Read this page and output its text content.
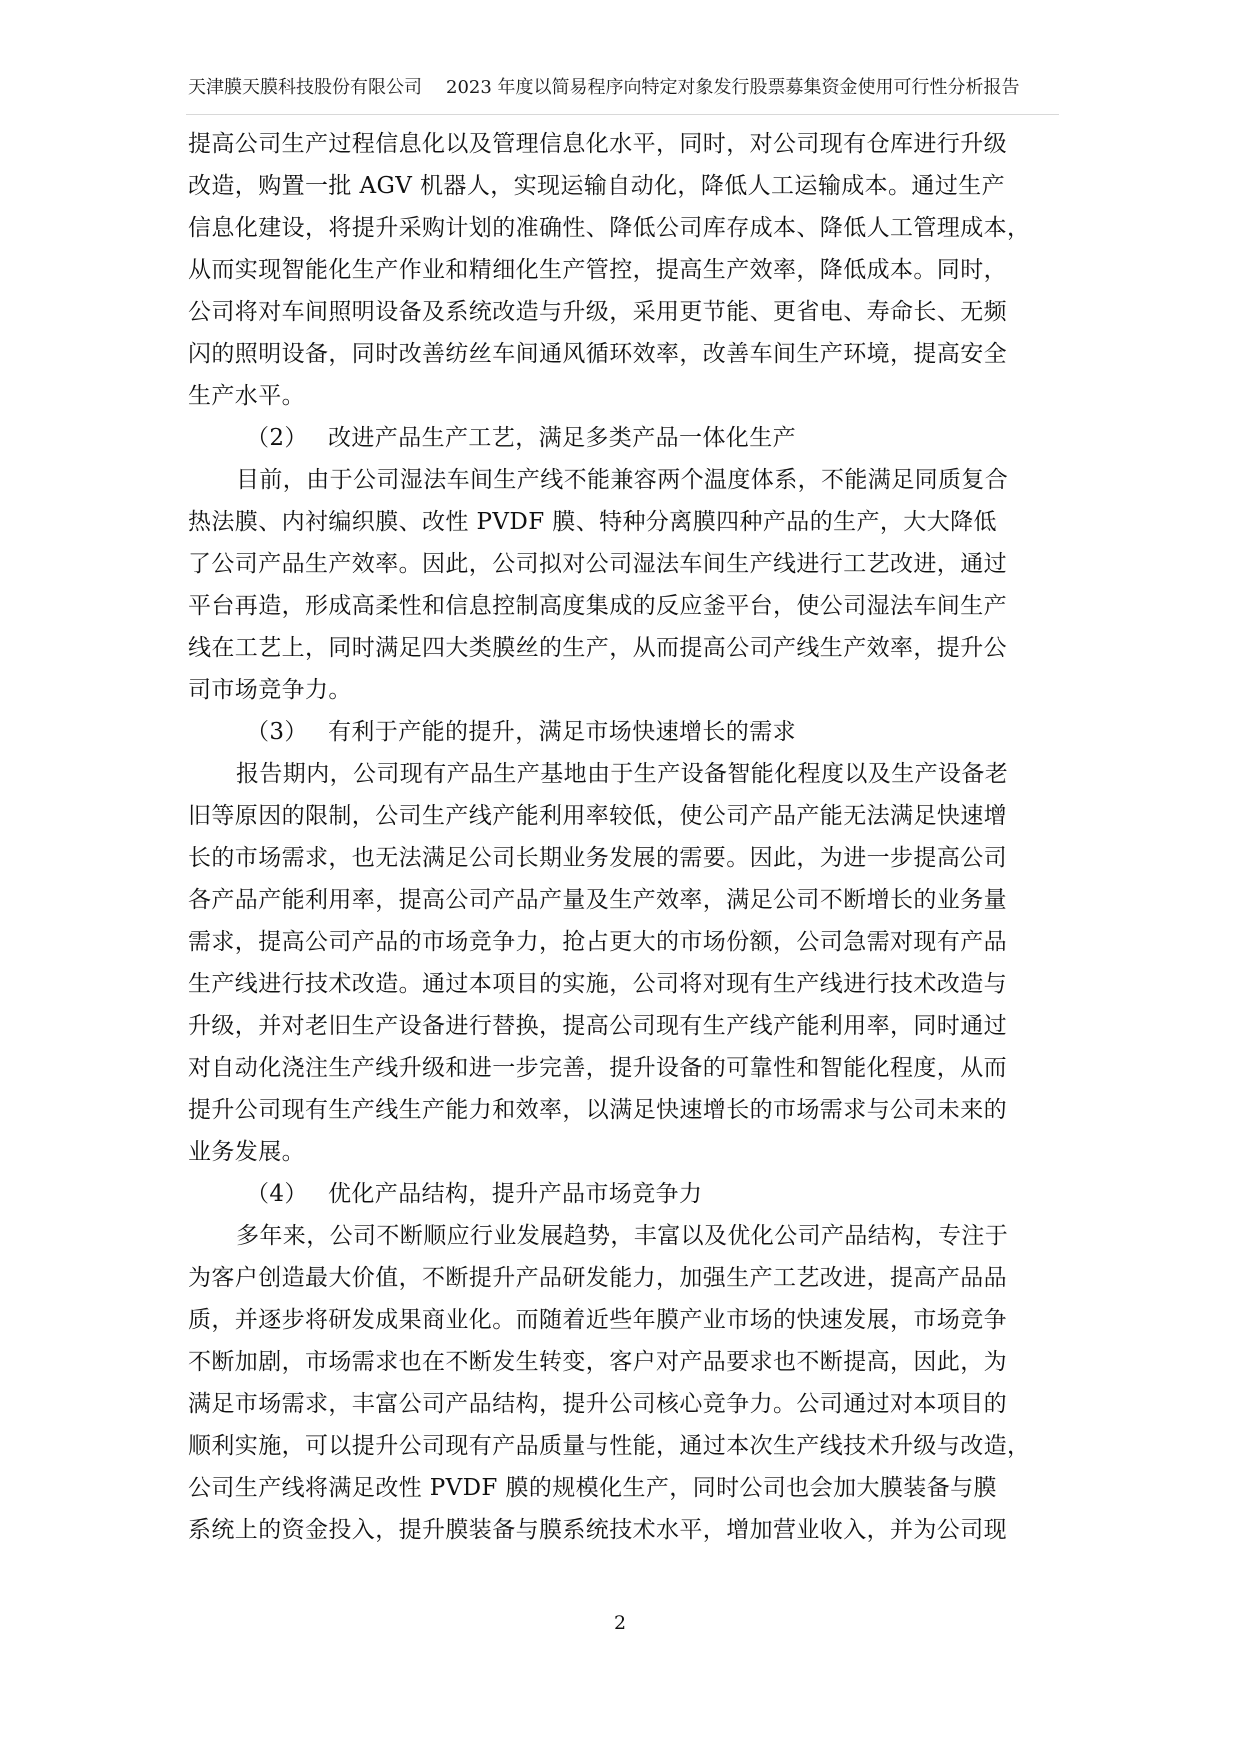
天津膜天膜科技股份有限公司 2023 年度以简易程序向特定对象发行股票募集资金使用可行性分析报告
提高公司生产过程信息化以及管理信息化水平，同时，对公司现有仓库进行升级
改造，购置一批 AGV 机器人，实现运输自动化，降低人工运输成本。通过生产
信息化建设，将提升采购计划的准确性、降低公司库存成本、降低人工管理成本，
从而实现智能化生产作业和精细化生产管控，提高生产效率，降低成本。同时，
公司将对车间照明设备及系统改造与升级，采用更节能、更省电、寿命长、无频
闪的照明设备，同时改善纺丝车间通风循环效率，改善车间生产环境，提高安全
生产水平。
（2） 改进产品生产工艺，满足多类产品一体化生产
目前，由于公司湿法车间生产线不能兼容两个温度体系，不能满足同质复合
热法膜、内衬编织膜、改性 PVDF 膜、特种分离膜四种产品的生产，大大降低
了公司产品生产效率。因此，公司拟对公司湿法车间生产线进行工艺改进，通过
平台再造，形成高柔性和信息控制高度集成的反应釜平台，使公司湿法车间生产
线在工艺上，同时满足四大类膜丝的生产，从而提高公司产线生产效率，提升公
司市场竞争力。
（3） 有利于产能的提升，满足市场快速增长的需求
报告期内，公司现有产品生产基地由于生产设备智能化程度以及生产设备老
旧等原因的限制，公司生产线产能利用率较低，使公司产品产能无法满足快速增
长的市场需求，也无法满足公司长期业务发展的需要。因此，为进一步提高公司
各产品产能利用率，提高公司产品产量及生产效率，满足公司不断增长的业务量
需求，提高公司产品的市场竞争力，抢占更大的市场份额，公司急需对现有产品
生产线进行技术改造。通过本项目的实施，公司将对现有生产线进行技术改造与
升级，并对老旧生产设备进行替换，提高公司现有生产线产能利用率，同时通过
对自动化浇注生产线升级和进一步完善，提升设备的可靠性和智能化程度，从而
提升公司现有生产线生产能力和效率，以满足快速增长的市场需求与公司未来的
业务发展。
（4） 优化产品结构，提升产品市场竞争力
多年来，公司不断顺应行业发展趋势，丰富以及优化公司产品结构，专注于
为客户创造最大价值，不断提升产品研发能力，加强生产工艺改进，提高产品品
质，并逐步将研发成果商业化。而随着近些年膜产业市场的快速发展，市场竞争
不断加剧，市场需求也在不断发生转变，客户对产品要求也不断提高，因此，为
满足市场需求，丰富公司产品结构，提升公司核心竞争力。公司通过对本项目的
顺利实施，可以提升公司现有产品质量与性能，通过本次生产线技术升级与改造，
公司生产线将满足改性 PVDF 膜的规模化生产，同时公司也会加大膜装备与膜
系统上的资金投入，提升膜装备与膜系统技术水平，增加营业收入，并为公司现
2
